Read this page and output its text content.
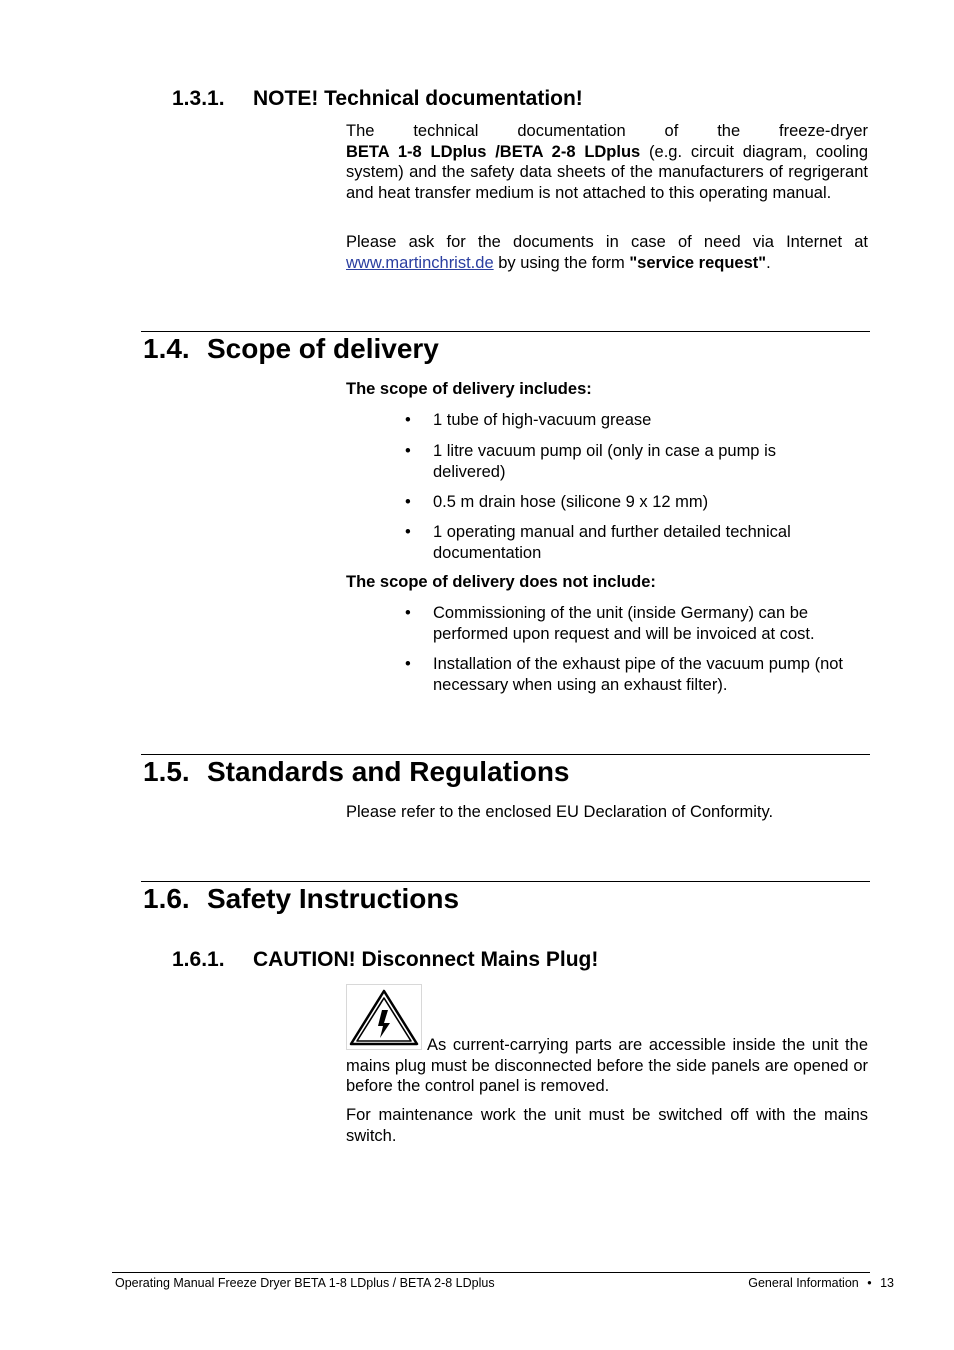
1.3.1. NOTE! Technical documentation!
The technical documentation of the freeze-dryer
BETA 1-8 LDplus /BETA 2-8 LDplus (e.g. circuit diagram, cooling system) and the safety data sheets of the manufacturers of regrigerant and heat transfer medium is not attached to this operating manual.
Please ask for the documents in case of need via Internet at www.martinchrist.de by using the form "service request".
1.4. Scope of delivery
The scope of delivery includes:
• 1 tube of high-vacuum grease
• 1 litre vacuum pump oil (only in case a pump is delivered)
• 0.5 m drain hose (silicone 9 x 12 mm)
• 1 operating manual and further detailed technical documentation
The scope of delivery does not include:
• Commissioning of the unit (inside Germany) can be performed upon request and will be invoiced at cost.
• Installation of the exhaust pipe of the vacuum pump (not necessary when using an exhaust filter).
1.5. Standards and Regulations
Please refer to the enclosed EU Declaration of Conformity.
1.6. Safety Instructions
1.6.1. CAUTION! Disconnect Mains Plug!
As current-carrying parts are accessible inside the unit the mains plug must be disconnected before the side panels are opened or before the control panel is removed.
For maintenance work the unit must be switched off with the mains switch.
Operating Manual Freeze Dryer BETA 1-8 LDplus / BETA 2-8 LDplus	General Information • 13
